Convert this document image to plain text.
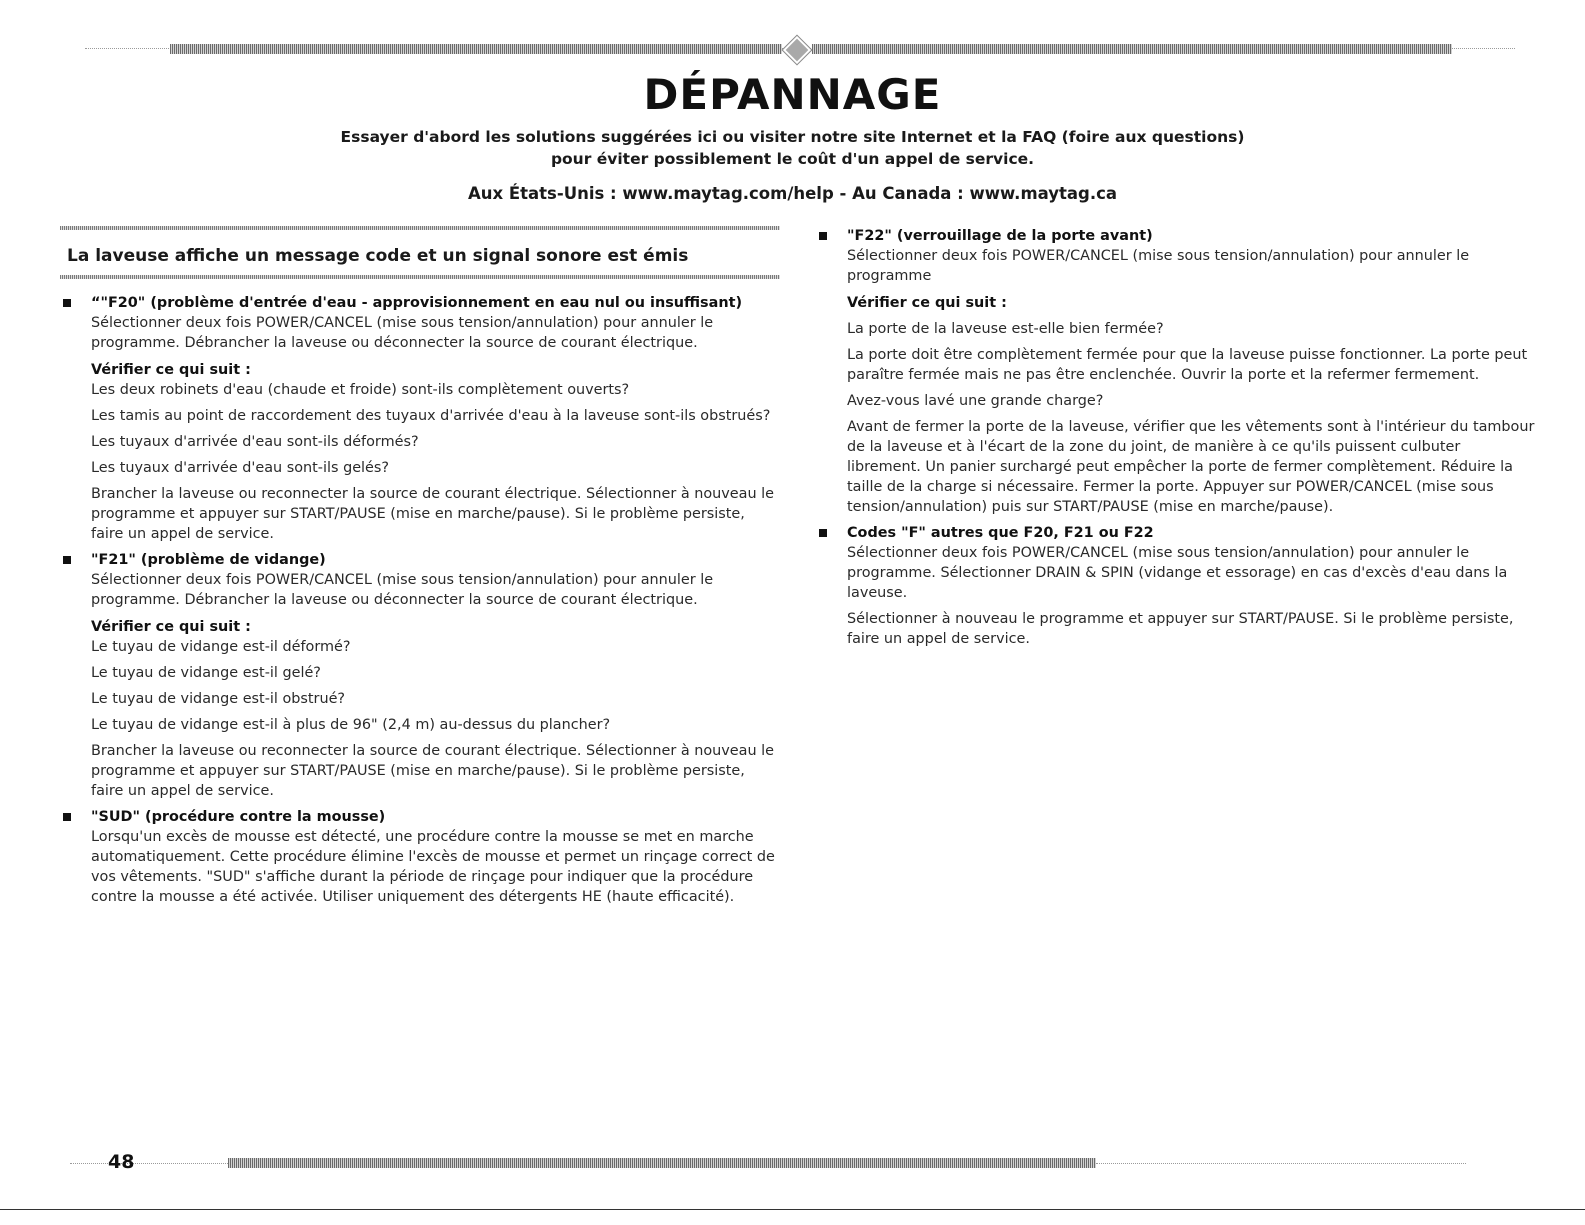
DÉPANNAGE
Essayer d'abord les solutions suggérées ici ou visiter notre site Internet et la FAQ (foire aux questions)
pour éviter possiblement le coût d'un appel de service.
Aux États-Unis : www.maytag.com/help - Au Canada : www.maytag.ca
La laveuse affiche un message code et un signal sonore est émis
“"F20" (problème d'entrée d'eau - approvisionnement en eau nul ou insuffisant)

Sélectionner deux fois POWER/CANCEL (mise sous tension/annulation) pour annuler le programme. Débrancher la laveuse ou déconnecter la source de courant électrique.

Vérifier ce qui suit :

Les deux robinets d'eau (chaude et froide) sont-ils complètement ouverts?

Les tamis au point de raccordement des tuyaux d'arrivée d'eau à la laveuse sont-ils obstrués?

Les tuyaux d'arrivée d'eau sont-ils déformés?

Les tuyaux d'arrivée d'eau sont-ils gelés?

Brancher la laveuse ou reconnecter la source de courant électrique. Sélectionner à nouveau le programme et appuyer sur START/PAUSE (mise en marche/pause). Si le problème persiste, faire un appel de service.

"F21" (problème de vidange)

Sélectionner deux fois POWER/CANCEL (mise sous tension/annulation) pour annuler le programme. Débrancher la laveuse ou déconnecter la source de courant électrique.

Vérifier ce qui suit :

Le tuyau de vidange est-il déformé?

Le tuyau de vidange est-il gelé?

Le tuyau de vidange est-il obstrué?

Le tuyau de vidange est-il à plus de 96" (2,4 m) au-dessus du plancher?

Brancher la laveuse ou reconnecter la source de courant électrique. Sélectionner à nouveau le programme et appuyer sur START/PAUSE (mise en marche/pause). Si le problème persiste, faire un appel de service.

"SUD" (procédure contre la mousse)

Lorsqu'un excès de mousse est détecté, une procédure contre la mousse se met en marche automatiquement. Cette procédure élimine l'excès de mousse et permet un rinçage correct de vos vêtements. "SUD" s'affiche durant la période de rinçage pour indiquer que la procédure contre la mousse a été activée. Utiliser uniquement des détergents HE (haute efficacité).

"F22" (verrouillage de la porte avant)

Sélectionner deux fois POWER/CANCEL (mise sous tension/annulation) pour annuler le programme

Vérifier ce qui suit :

La porte de la laveuse est-elle bien fermée?

La porte doit être complètement fermée pour que la laveuse puisse fonctionner. La porte peut paraître fermée mais ne pas être enclenchée. Ouvrir la porte et la refermer fermement.

Avez-vous lavé une grande charge?

Avant de fermer la porte de la laveuse, vérifier que les vêtements sont à l'intérieur du tambour de la laveuse et à l'écart de la zone du joint, de manière à ce qu'ils puissent culbuter librement. Un panier surchargé peut empêcher la porte de fermer complètement. Réduire la taille de la charge si nécessaire. Fermer la porte. Appuyer sur POWER/CANCEL (mise sous tension/annulation) puis sur START/PAUSE (mise en marche/pause).

Codes "F" autres que F20, F21 ou F22

Sélectionner deux fois POWER/CANCEL (mise sous tension/annulation) pour annuler le programme. Sélectionner DRAIN & SPIN (vidange et essorage) en cas d'excès d'eau dans la laveuse.

Sélectionner à nouveau le programme et appuyer sur START/PAUSE. Si le problème persiste, faire un appel de service.

48
